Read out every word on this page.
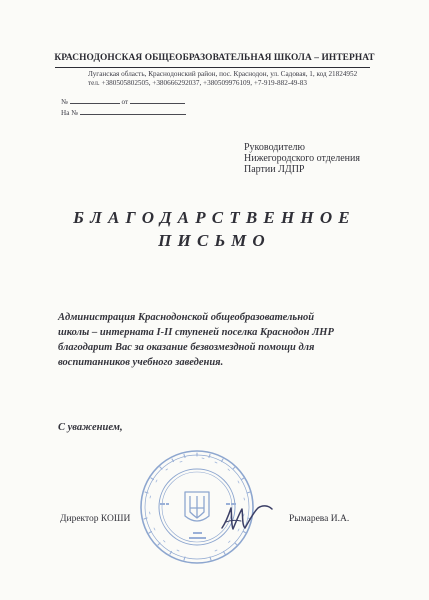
КРАСНОДОНСКАЯ ОБЩЕОБРАЗОВАТЕЛЬНАЯ ШКОЛА – ИНТЕРНАТ
Луганская область, Краснодонский район, пос. Краснодон, ул. Садовая, 1, код 21824952
тел. +380505802505, +380666292037, +380509976109, +7-919-882-49-83
№	от
На №
Руководителю
Нижегородского отделения
Партии ЛДПР
БЛАГОДАРСТВЕННОЕ
ПИСЬМО
Администрация Краснодонской общеобразовательной
школы – интерната I-II ступеней поселка Краснодон ЛНР
благодарит Вас за оказание безвозмездной помощи для
воспитанников учебного заведения.
С уважением,
Директор КОШИ	Рымарева И.А.
